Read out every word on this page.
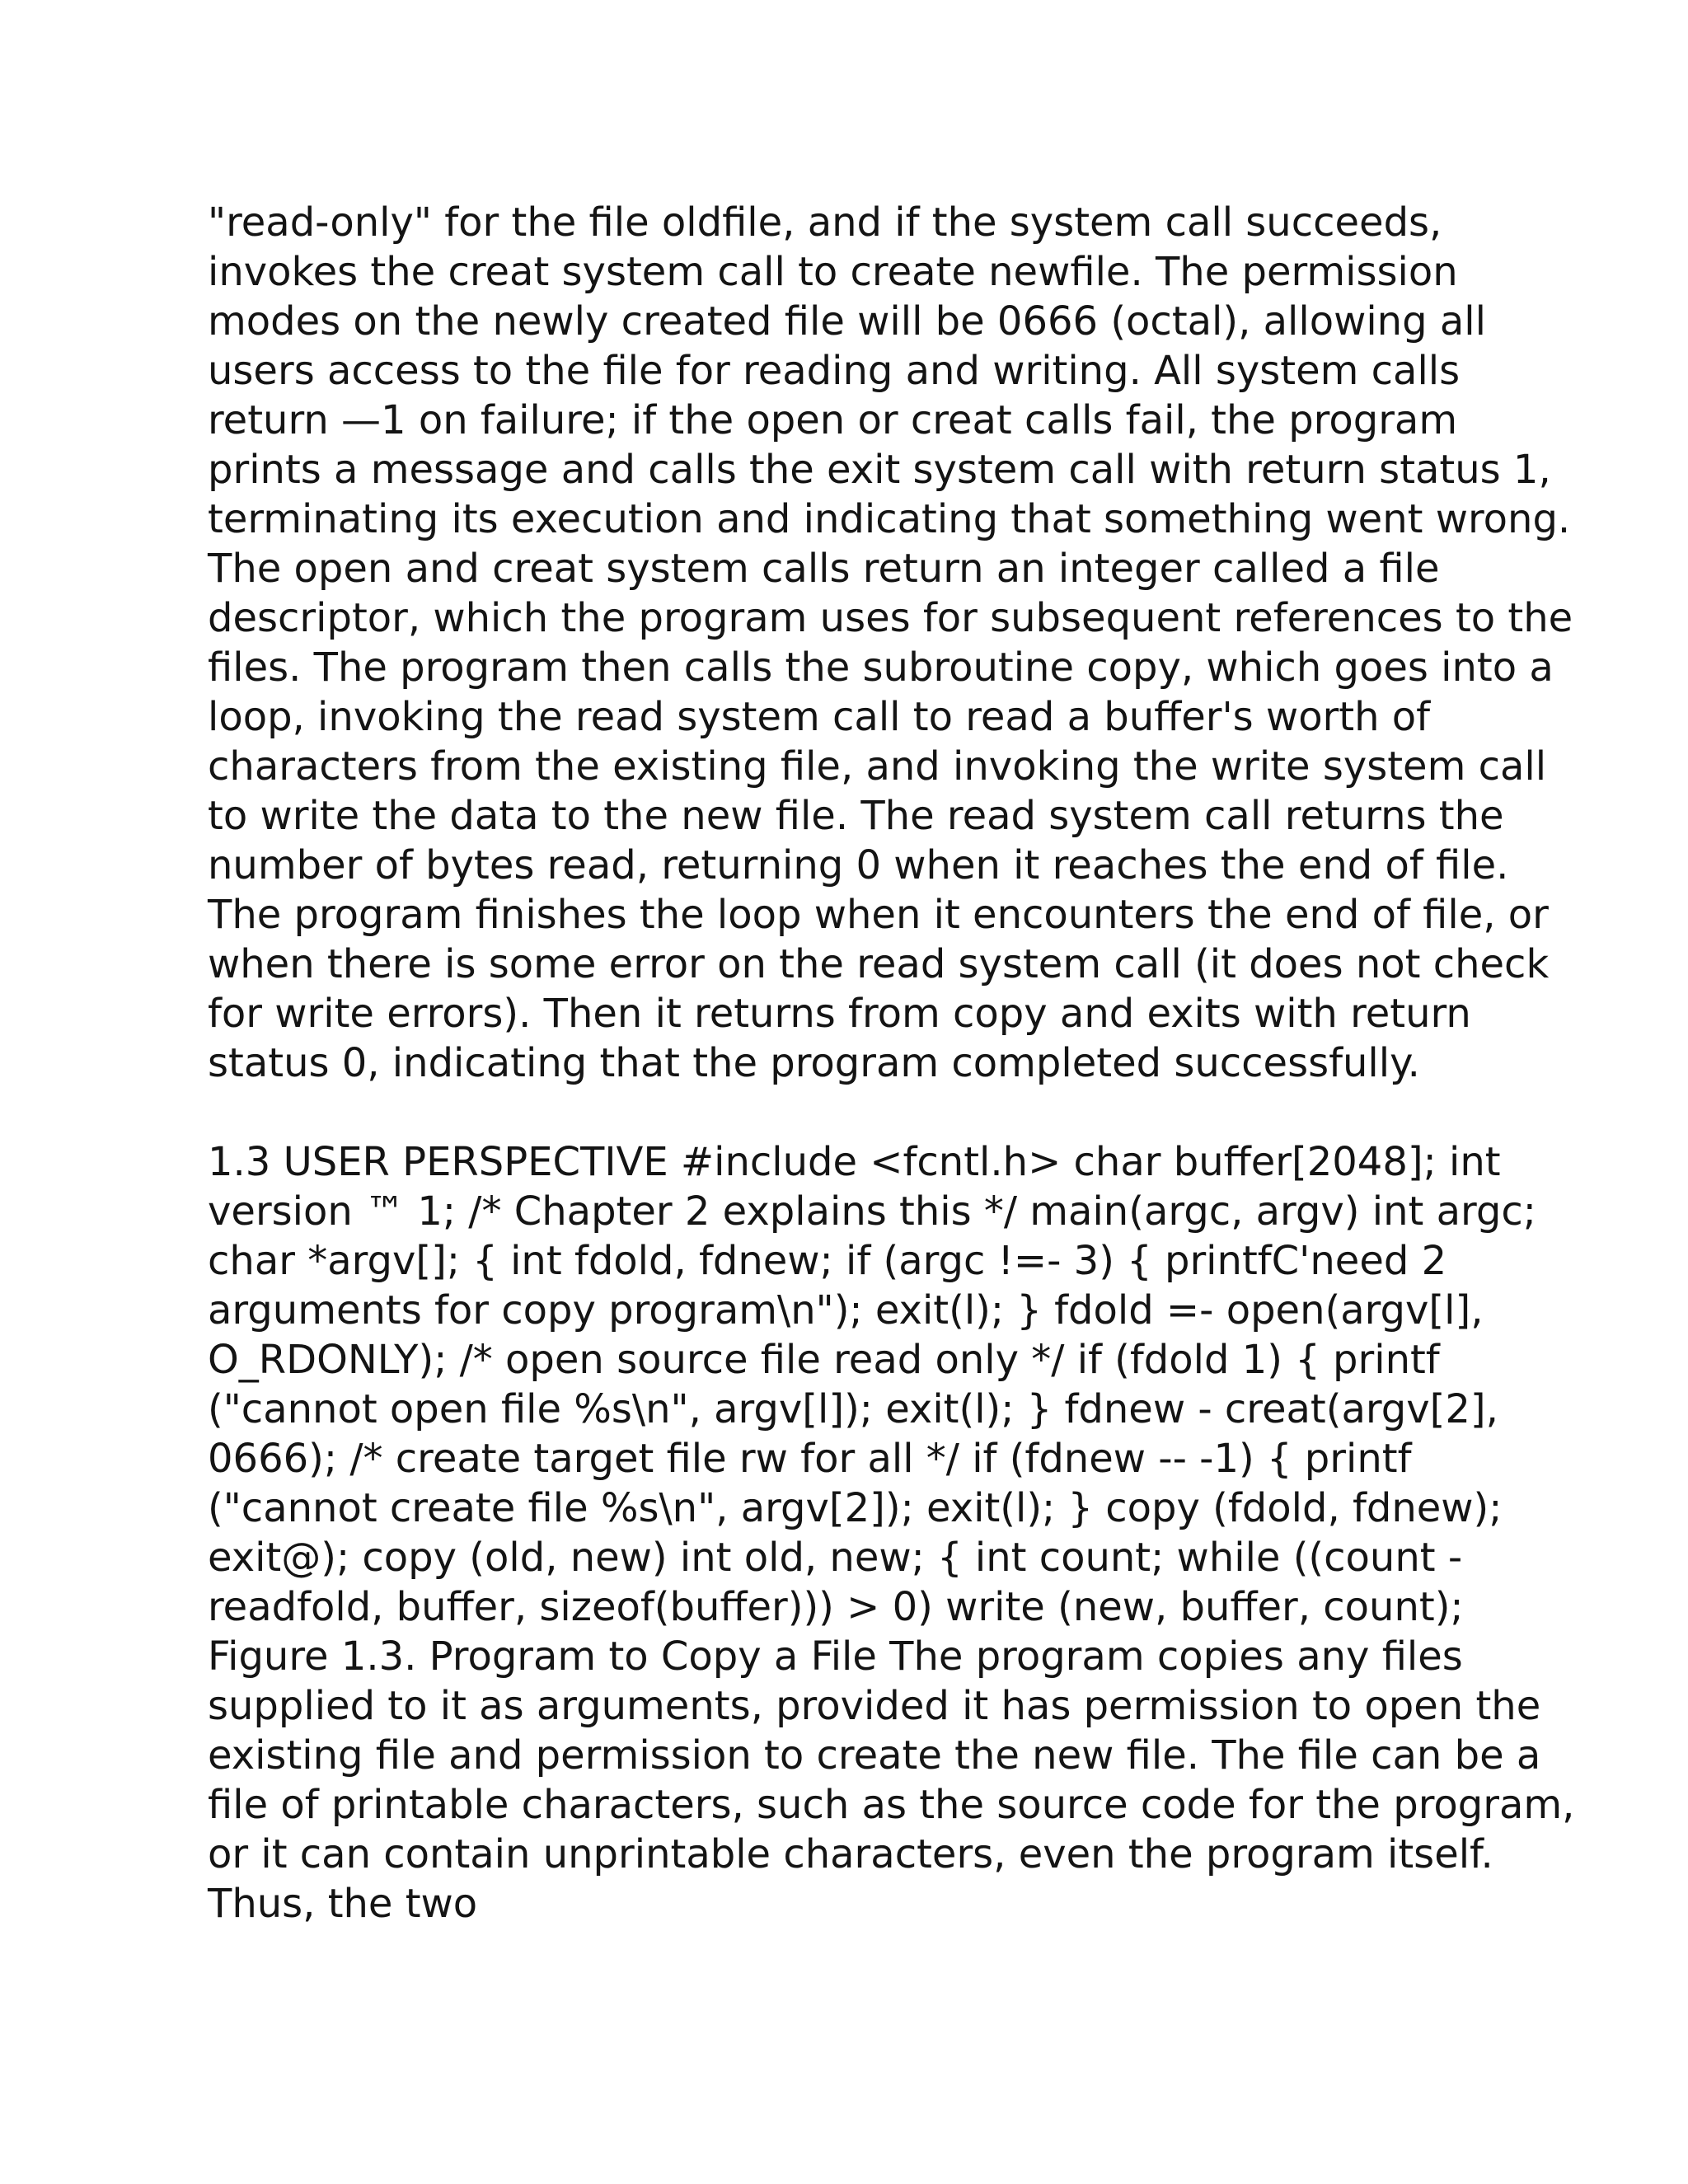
"read-only" for the file oldfile, and if the system call succeeds,
invokes the creat system call to create newfile. The permission
modes on the newly created file will be 0666 (octal), allowing all
users access to the file for reading and writing. All system calls
return —1 on failure; if the open or creat calls fail, the program
prints a message and calls the exit system call with return status 1,
terminating its execution and indicating that something went wrong.
The open and creat system calls return an integer called a file
descriptor, which the program uses for subsequent references to the
files. The program then calls the subroutine copy, which goes into a
loop, invoking the read system call to read a buffer's worth of
characters from the existing file, and invoking the write system call
to write the data to the new file. The read system call returns the
number of bytes read, returning 0 when it reaches the end of file.
The program finishes the loop when it encounters the end of file, or
when there is some error on the read system call (it does not check
for write errors). Then it returns from copy and exits with return
status 0, indicating that the program completed successfully.

1.3 USER PERSPECTIVE #include <fcntl.h> char buffer[2048]; int
version ™ 1; /* Chapter 2 explains this */ main(argc, argv) int argc;
char *argv[]; { int fdold, fdnew; if (argc !=- 3) { printfC'need 2
arguments for copy program\n"); exit(l); } fdold =- open(argv[l],
O_RDONLY); /* open source file read only */ if (fdold 1) { printf
("cannot open file %s\n", argv[l]); exit(l); } fdnew - creat(argv[2],
0666); /* create target file rw for all */ if (fdnew -- -1) { printf
("cannot create file %s\n", argv[2]); exit(l); } copy (fdold, fdnew);
exit@); copy (old, new) int old, new; { int count; while ((count -
readfold, buffer, sizeof(buffer))) > 0) write (new, buffer, count);
Figure 1.3. Program to Copy a File The program copies any files
supplied to it as arguments, provided it has permission to open the
existing file and permission to create the new file. The file can be a
file of printable characters, such as the source code for the program,
or it can contain unprintable characters, even the program itself.
Thus, the two
